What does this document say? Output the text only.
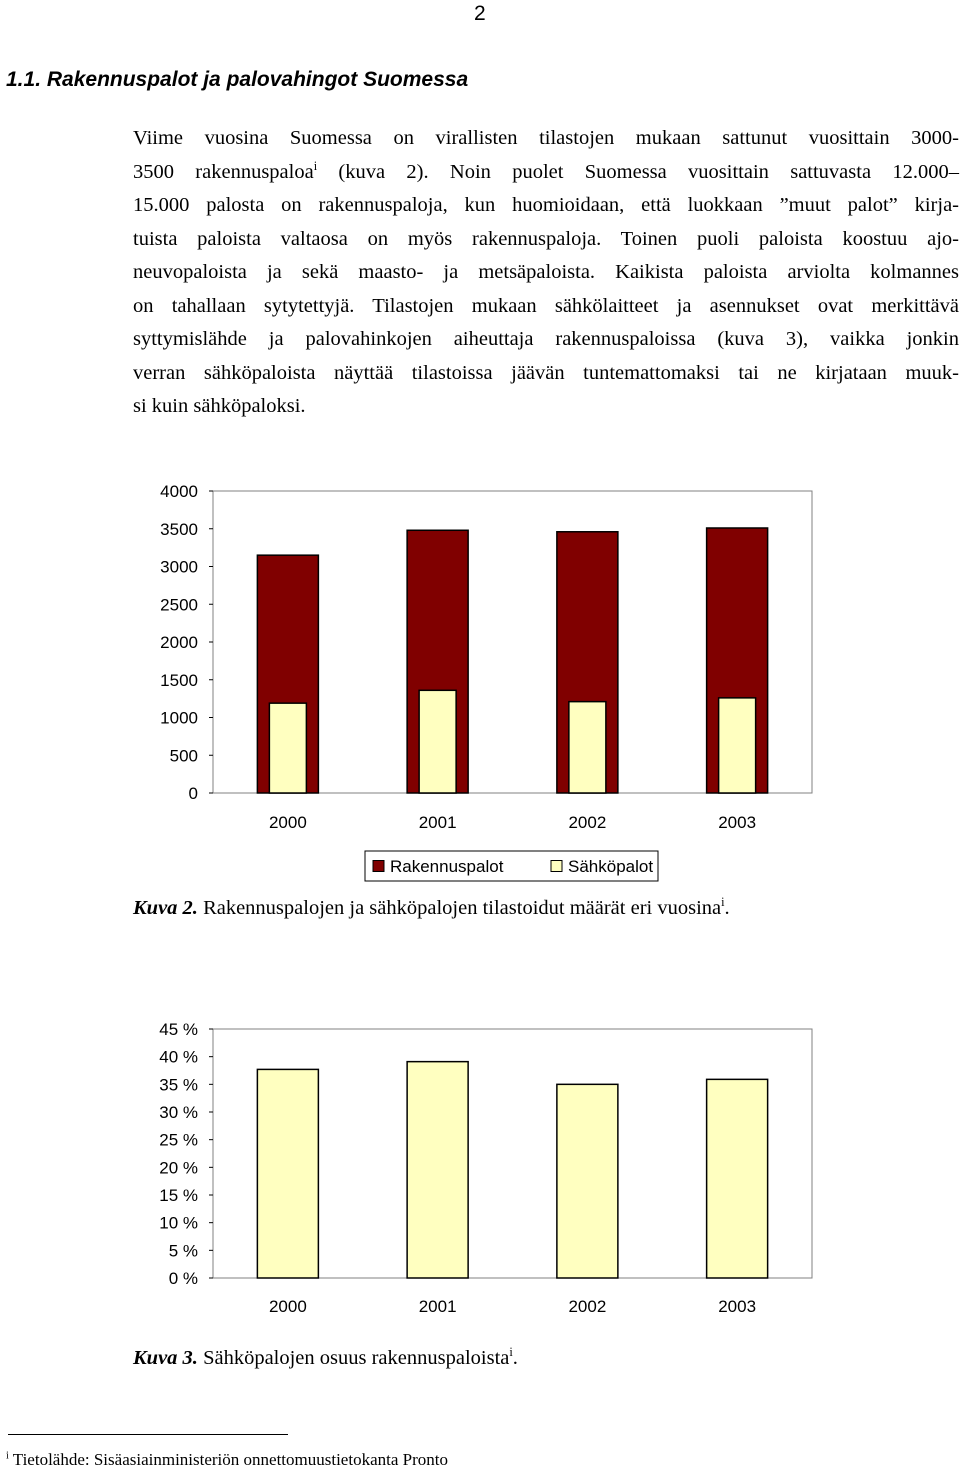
2
1.1. Rakennuspalot ja palovahingot Suomessa
Viime vuosina Suomessa on virallisten tilastojen mukaan sattunut vuosittain 3000-
3500 rakennuspaloa$^i$ (kuva 2). Noin puolet Suomessa vuosittain sattuvasta 12.000–
15.000 palosta on rakennuspaloja, kun huomioidaan, että luokkaan ”muut palot” kirja-
tuista paloista valtaosa on myös rakennuspaloja. Toinen puoli paloista koostuu ajo-
neuvopaloista ja sekä maasto- ja metsäpaloista. Kaikista paloista arviolta kolmannes
on tahallaan sytytettyjä. Tilastojen mukaan sähkölaitteet ja asennukset ovat merkittävä
syttymislähde ja palovahinkojen aiheuttaja rakennuspaloissa (kuva 3), vaikka jonkin
verran sähköpaloista näyttää tilastoissa jäävän tuntemattomaksi tai ne kirjataan muuk-
si kuin sähköpaloksi.
0
500
1000
1500
2000
2500
3000
3500
4000
2000	2001	2002	2003
Rakennuspalot	Sähköpalot

Kuva 2. Rakennuspalojen ja sähköpalojen tilastoidut määrät eri vuosina$^i$.

0 %
5 %
10 %
15 %
20 %
25 %
30 %
35 %
40 %
45 %
2000	2001	2002	2003

Kuva 3. Sähköpalojen osuus rakennuspaloista$^i$.

$^i$ Tietolähde: Sisäasiainministeriön onnettomuustietokanta Pronto
